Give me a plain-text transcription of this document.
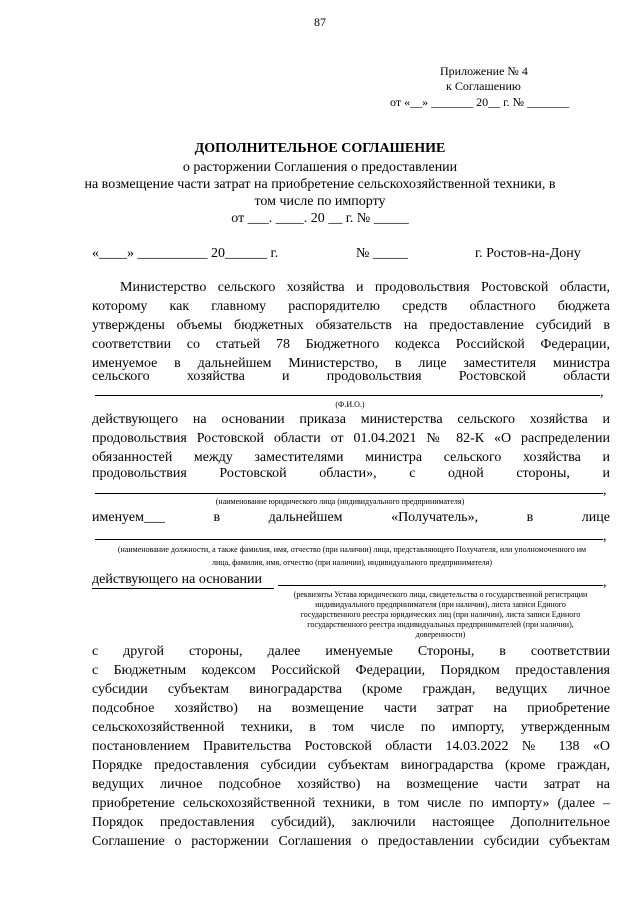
87
Приложение № 4
к Соглашению
от «__» _______ 20__ г. № _______
ДОПОЛНИТЕЛЬНОЕ СОГЛАШЕНИЕ
о расторжении Соглашения о предоставлении
на возмещение части затрат на приобретение сельскохозяйственной техники, в
том числе по импорту
от ___. ____. 20 __ г. № _____
«____» __________ 20______ г.	№ _____	г. Ростов-на-Дону
Министерство сельского хозяйства и продовольствия Ростовской области,
которому как главному распорядителю средств областного бюджета
утверждены объемы бюджетных обязательств на предоставление субсидий в
соответствии со статьей 78 Бюджетного кодекса Российской Федерации,
именуемое в дальнейшем Министерство, в лице заместителя министра
сельского хозяйства и продовольствия Ростовской области
,
(Ф.И.О.)
действующего на основании приказа министерства сельского хозяйства и
продовольствия Ростовской области от 01.04.2021 № 82-К «О распределении
обязанностей между заместителями министра сельского хозяйства и
продовольствия Ростовской области», с одной стороны, и
,
(наименование юридического лица (индивидуального предпринимателя)
именуем___	в	дальнейшем	«Получатель»,	в	лице
,
(наименование должности, а также фамилия, имя, отчество (при наличии) лица, представляющего Получателя, или уполномоченного им
лица, фамилия, имя, отчество (при наличии), индивидуального предпринимателя)
действующего на основании	,
(реквизиты Устава юридического лица, свидетельства о государственной регистрации
индивидуального предпринимателя (при наличии), листа записи Единого
государственного реестра юридических лиц (при наличии), листа записи Единого
государственного реестра индивидуальных предпринимателей (при наличии),
доверенности)
с другой стороны, далее именуемые Стороны, в соответствии
с Бюджетным кодексом Российской Федерации, Порядком предоставления
субсидии субъектам виноградарства (кроме граждан, ведущих личное
подсобное хозяйство) на возмещение части затрат на приобретение
сельскохозяйственной техники, в том числе по импорту, утвержденным
постановлением Правительства Ростовской области 14.03.2022 № 138 «О
Порядке предоставления субсидии субъектам виноградарства (кроме граждан,
ведущих личное подсобное хозяйство) на возмещение части затрат на
приобретение сельскохозяйственной техники, в том числе по импорту» (далее –
Порядок предоставления субсидий), заключили настоящее Дополнительное
Соглашение о расторжении Соглашения о предоставлении субсидии субъектам
